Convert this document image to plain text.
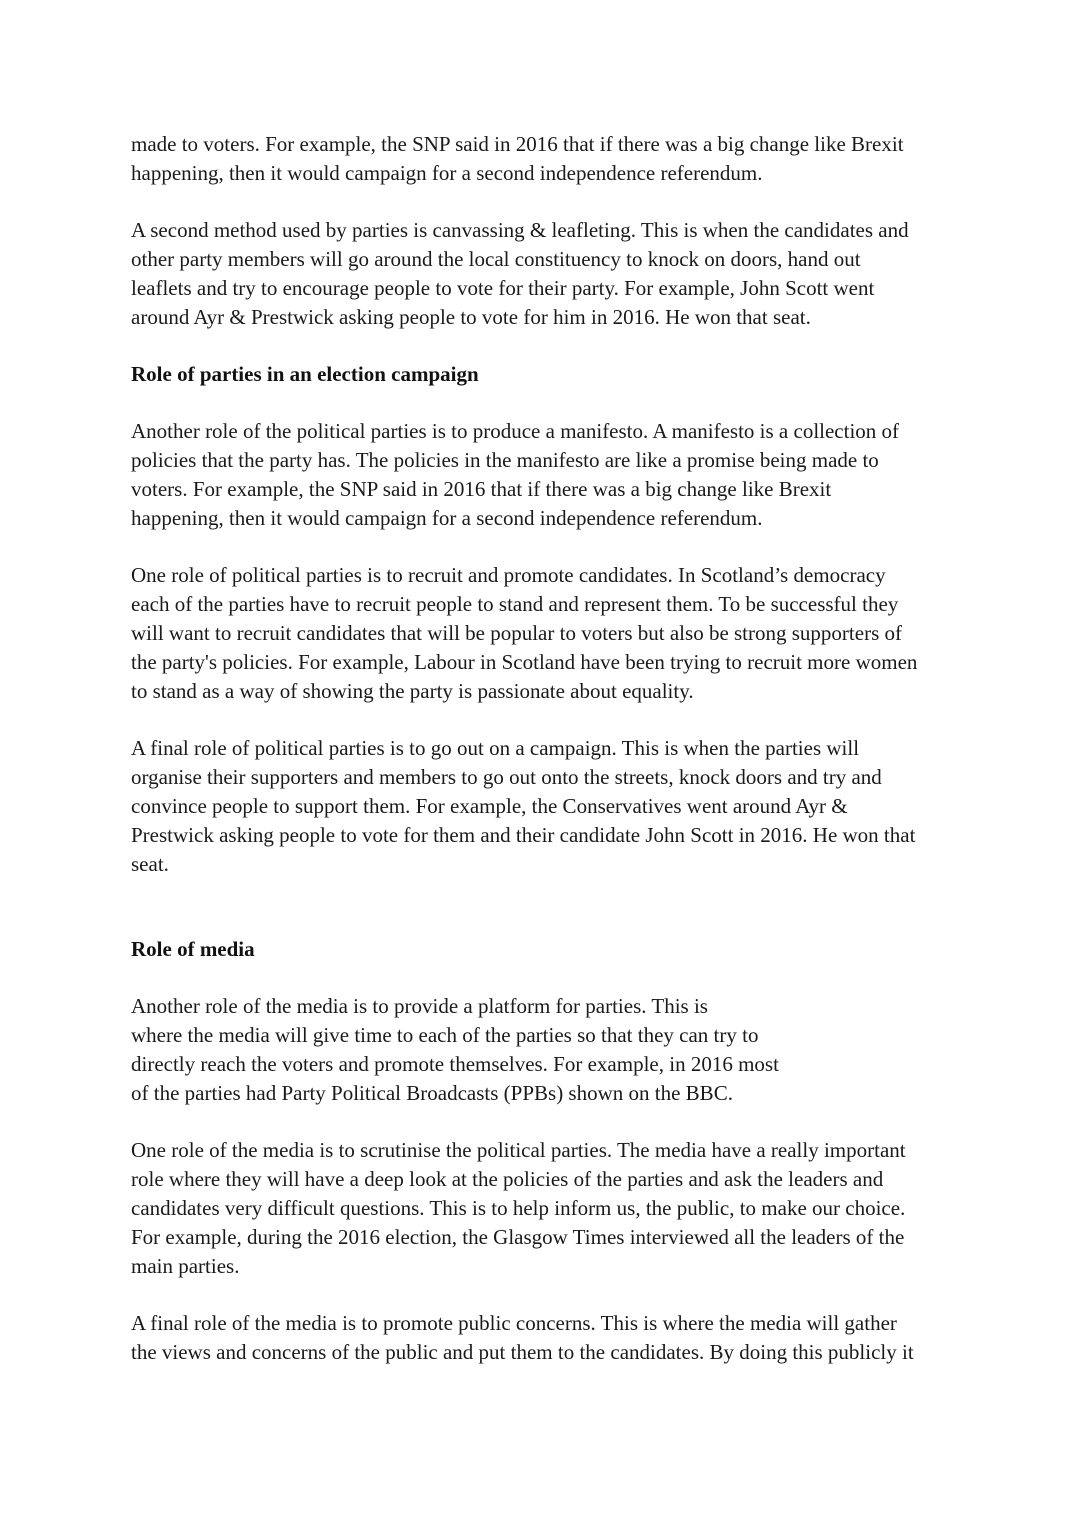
made to voters. For example, the SNP said in 2016 that if there was a big change like Brexit
happening, then it would campaign for a second independence referendum.

A second method used by parties is canvassing & leafleting. This is when the candidates and
other party members will go around the local constituency to knock on doors, hand out
leaflets and try to encourage people to vote for their party. For example, John Scott went
around Ayr & Prestwick asking people to vote for him in 2016. He won that seat.

Role of parties in an election campaign

Another role of the political parties is to produce a manifesto. A manifesto is a collection of
policies that the party has. The policies in the manifesto are like a promise being made to
voters. For example, the SNP said in 2016 that if there was a big change like Brexit
happening, then it would campaign for a second independence referendum.

One role of political parties is to recruit and promote candidates. In Scotland’s democracy
each of the parties have to recruit people to stand and represent them. To be successful they
will want to recruit candidates that will be popular to voters but also be strong supporters of
the party's policies. For example, Labour in Scotland have been trying to recruit more women
to stand as a way of showing the party is passionate about equality.

A final role of political parties is to go out on a campaign. This is when the parties will
organise their supporters and members to go out onto the streets, knock doors and try and
convince people to support them. For example, the Conservatives went around Ayr &
Prestwick asking people to vote for them and their candidate John Scott in 2016. He won that
seat.

Role of media

Another role of the media is to provide a platform for parties. This is
where the media will give time to each of the parties so that they can try to
directly reach the voters and promote themselves. For example, in 2016 most
of the parties had Party Political Broadcasts (PPBs) shown on the BBC.

One role of the media is to scrutinise the political parties. The media have a really important
role where they will have a deep look at the policies of the parties and ask the leaders and
candidates very difficult questions. This is to help inform us, the public, to make our choice.
For example, during the 2016 election, the Glasgow Times interviewed all the leaders of the
main parties.

A final role of the media is to promote public concerns. This is where the media will gather
the views and concerns of the public and put them to the candidates. By doing this publicly it
